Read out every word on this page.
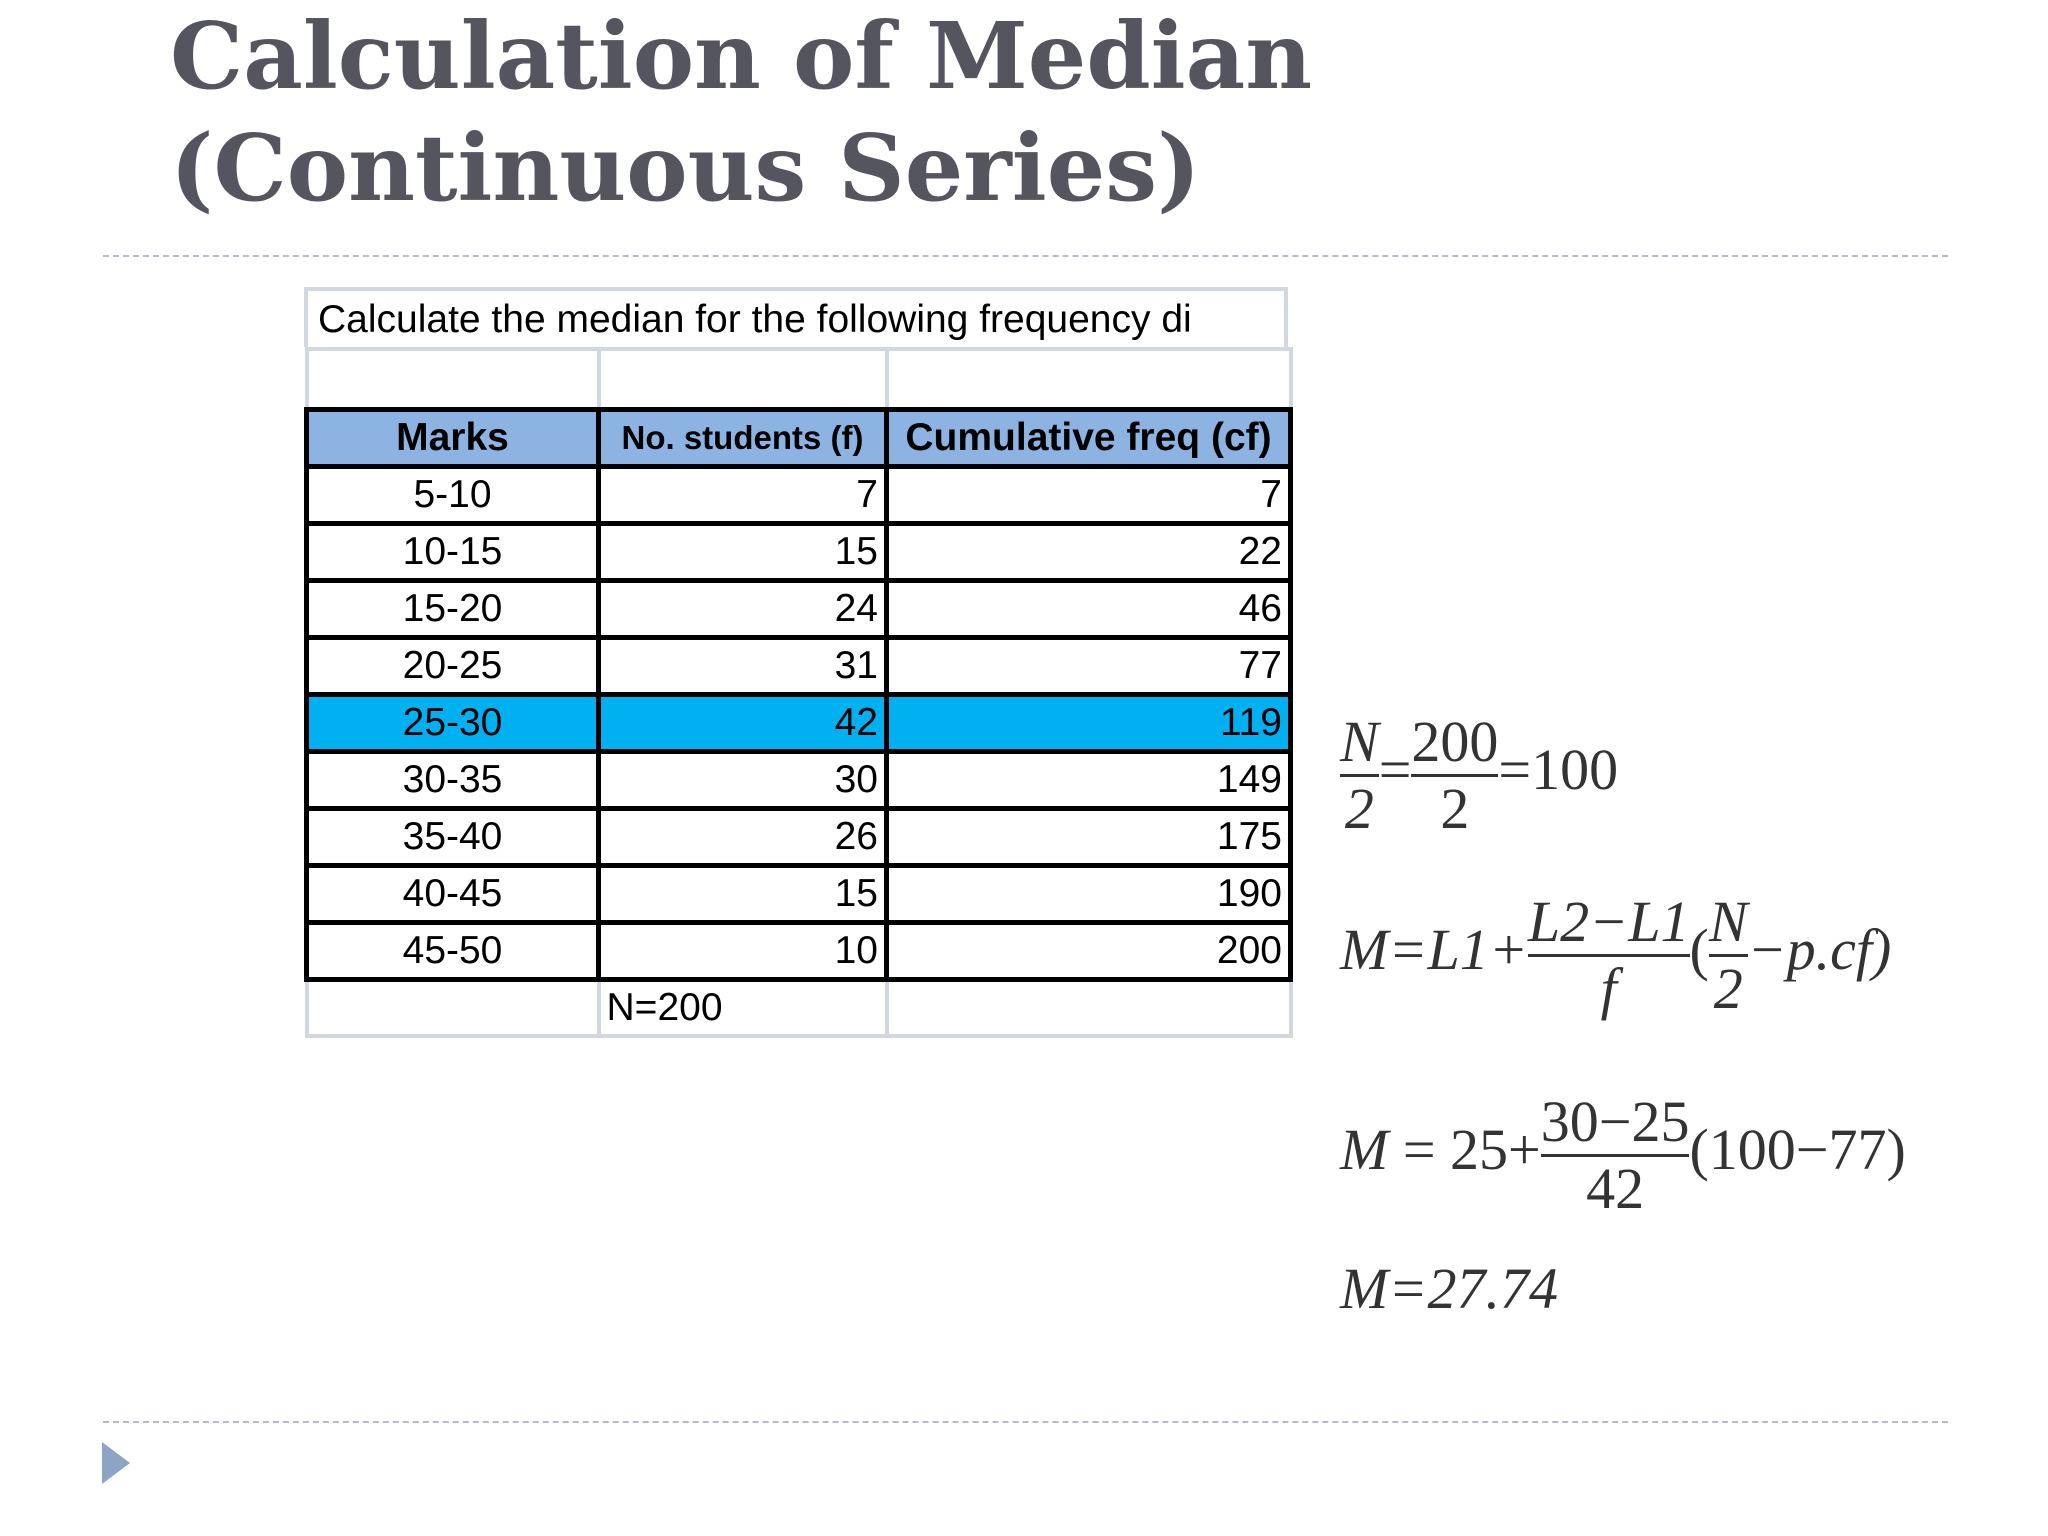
Calculation of Median (Continuous Series)
Calculate the median for the following frequency di

Marks	No. students (f)	Cumulative freq (cf)
5-10	7	7
10-15	15	22
15-20	24	46
20-25	31	77
25-30	42	119
30-35	30	149
35-40	26	175
40-45	15	190
45-50	10	200
	N=200	
$\frac{N}{2} = \frac{200}{2} =100$
$M=L1+ \frac{L2-L1}{f}$ ( $\frac{N}{2} -p.cf$)
$M = 25+ \frac{30-25}{42} (100-77)$
M=27.74
